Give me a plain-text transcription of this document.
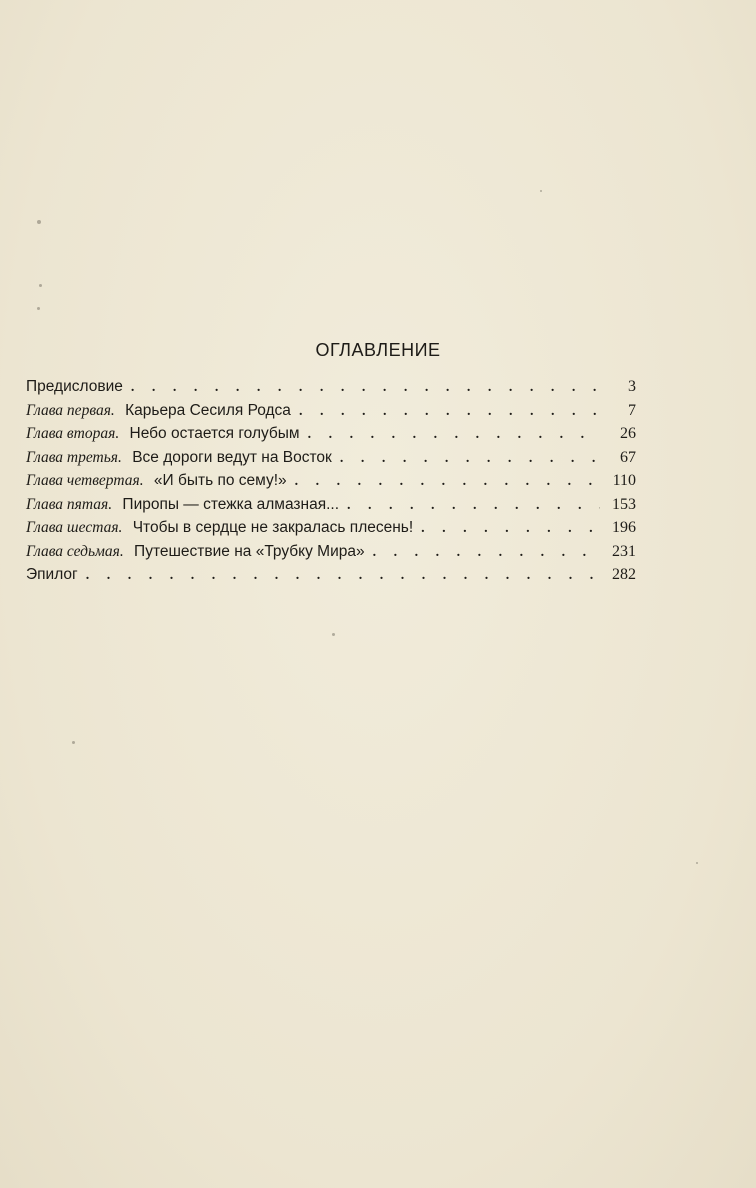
ОГЛАВЛЕНИЕ
Предисловие . . .	3
Глава первая. Карьера Сесиля Родса . . .	7
Глава вторая. Небо остается голубым . . .	26
Глава третья. Все дороги ведут на Восток . . .	67
Глава четвертая. «И быть по сему!» . . .	110
Глава пятая. Пиропы — стежка алмазная... . . .	153
Глава шестая. Чтобы в сердце не закралась плесень! . . .	196
Глава седьмая. Путешествие на «Трубку Мира» . . .	231
Эпилог . . .	282
